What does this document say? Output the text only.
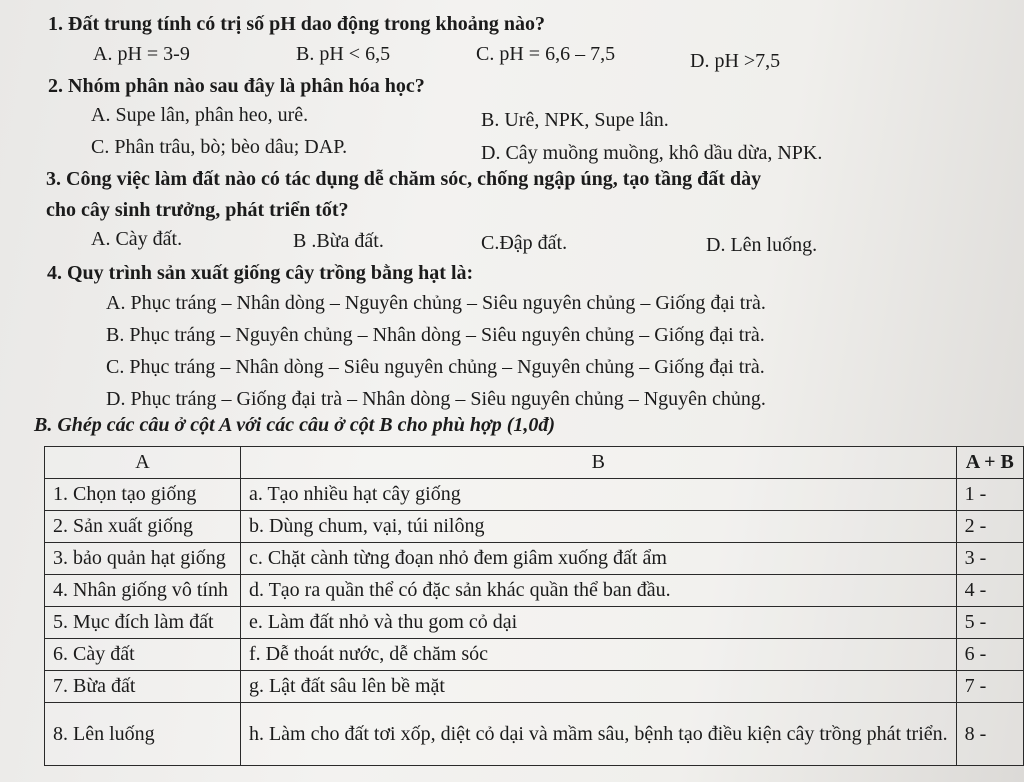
1. Đất trung tính có trị số pH dao động trong khoảng nào?
A. pH = 3-9	B. pH < 6,5	C. pH = 6,6 – 7,5	D. pH >7,5
2. Nhóm phân nào sau đây là phân hóa học?
A. Supe lân, phân heo, urê.	B. Urê, NPK, Supe lân.
C. Phân trâu, bò; bèo dâu; DAP.	D. Cây muồng muồng, khô dầu dừa, NPK.
3. Công việc làm đất nào có tác dụng dễ chăm sóc, chống ngập úng, tạo tầng đất dày
cho cây sinh trưởng, phát triển tốt?
A. Cày đất.	B .Bừa đất.	C.Đập đất.	D. Lên luống.
4. Quy trình sản xuất giống cây trồng bằng hạt là:
A. Phục tráng – Nhân dòng – Nguyên chủng – Siêu nguyên chủng – Giống đại trà.
B. Phục tráng – Nguyên chủng – Nhân dòng – Siêu nguyên chủng – Giống đại trà.
C. Phục tráng – Nhân dòng – Siêu nguyên chủng – Nguyên chủng – Giống đại trà.
D. Phục tráng – Giống đại trà – Nhân dòng – Siêu nguyên chủng – Nguyên chủng.
B. Ghép các câu ở cột A với các câu ở cột B cho phù hợp (1,0đ)
A	B	A + B
1. Chọn tạo giống	a. Tạo nhiều hạt cây giống	1 -
2. Sản xuất giống	b. Dùng chum, vại, túi nilông	2 -
3. bảo quản hạt giống	c. Chặt cành từng đoạn nhỏ đem giâm xuống đất ẩm	3 -
4. Nhân giống vô tính	d. Tạo ra quần thể có đặc sản khác quần thể ban đầu.	4 -
5. Mục đích làm đất	e. Làm đất nhỏ và thu gom cỏ dại	5 -
6. Cày đất	f. Dễ thoát nước, dễ chăm sóc	6 -
7. Bừa đất	g. Lật đất sâu lên bề mặt	7 -
8. Lên luống	h. Làm cho đất tơi xốp, diệt cỏ dại và mầm sâu, bệnh tạo điều kiện cây trồng phát triển.	8 -
